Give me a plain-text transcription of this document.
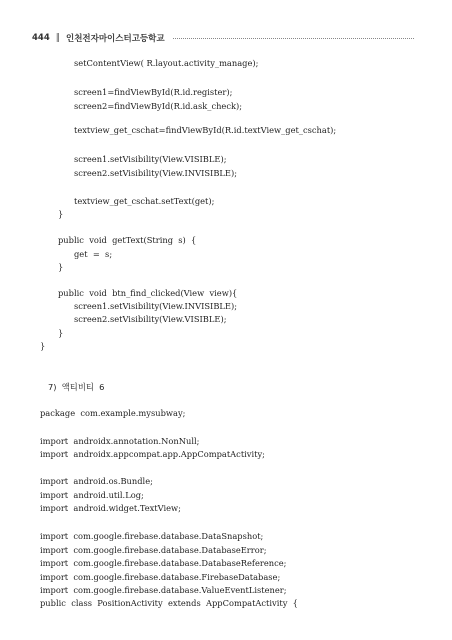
444 ‖ 인천전자마이스터고등학교
setContentView( R.layout.activity_manage);
screen1=findViewById(R.id.register);
screen2=findViewById(R.id.ask_check);
textview_get_cschat=findViewById(R.id.textView_get_cschat);
screen1.setVisibility(View.VISIBLE);
screen2.setVisibility(View.INVISIBLE);
textview_get_cschat.setText(get);
}
public  void  getText(String  s)  {
get  =  s;
}
public  void  btn_find_clicked(View  view){
screen1.setVisibility(View.INVISIBLE);
screen2.setVisibility(View.VISIBLE);
}
}
7)  액티비티  6
package  com.example.mysubway;
import  androidx.annotation.NonNull;
import  androidx.appcompat.app.AppCompatActivity;
import  android.os.Bundle;
import  android.util.Log;
import  android.widget.TextView;
import  com.google.firebase.database.DataSnapshot;
import  com.google.firebase.database.DatabaseError;
import  com.google.firebase.database.DatabaseReference;
import  com.google.firebase.database.FirebaseDatabase;
import  com.google.firebase.database.ValueEventListener;
public  class  PositionActivity  extends  AppCompatActivity  {
